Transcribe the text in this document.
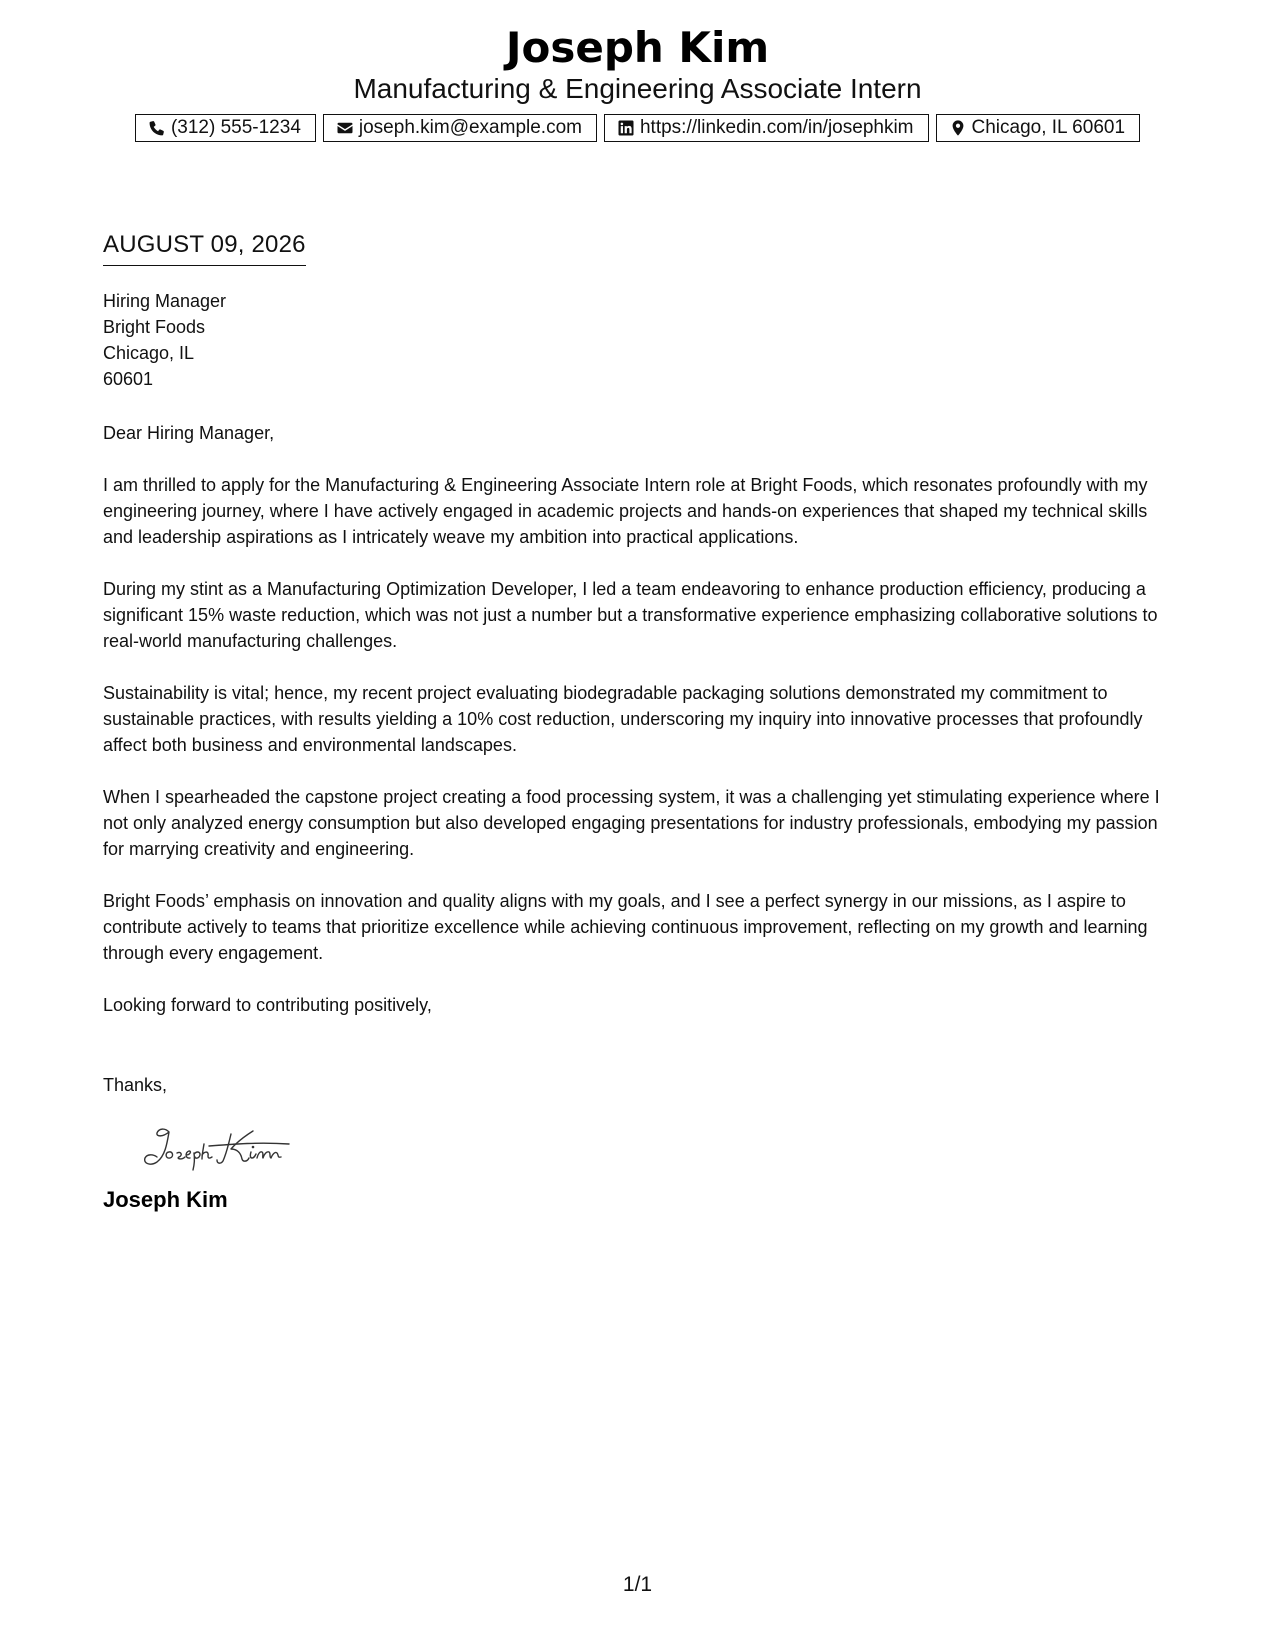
Joseph Kim
Manufacturing & Engineering Associate Intern
(312) 555-1234	joseph.kim@example.com	https://linkedin.com/in/josephkim	Chicago, IL 60601
AUGUST 09, 2026
Hiring Manager
Bright Foods
Chicago, IL
60601
Dear Hiring Manager,

I am thrilled to apply for the Manufacturing & Engineering Associate Intern role at Bright Foods, which resonates profoundly with my engineering journey, where I have actively engaged in academic projects and hands-on experiences that shaped my technical skills and leadership aspirations as I intricately weave my ambition into practical applications.

During my stint as a Manufacturing Optimization Developer, I led a team endeavoring to enhance production efficiency, producing a significant 15% waste reduction, which was not just a number but a transformative experience emphasizing collaborative solutions to real-world manufacturing challenges.

Sustainability is vital; hence, my recent project evaluating biodegradable packaging solutions demonstrated my commitment to sustainable practices, with results yielding a 10% cost reduction, underscoring my inquiry into innovative processes that profoundly affect both business and environmental landscapes.

When I spearheaded the capstone project creating a food processing system, it was a challenging yet stimulating experience where I not only analyzed energy consumption but also developed engaging presentations for industry professionals, embodying my passion for marrying creativity and engineering.

Bright Foods’ emphasis on innovation and quality aligns with my goals, and I see a perfect synergy in our missions, as I aspire to contribute actively to teams that prioritize excellence while achieving continuous improvement, reflecting on my growth and learning through every engagement.

Looking forward to contributing positively,
Thanks,
Joseph Kim
1/1
